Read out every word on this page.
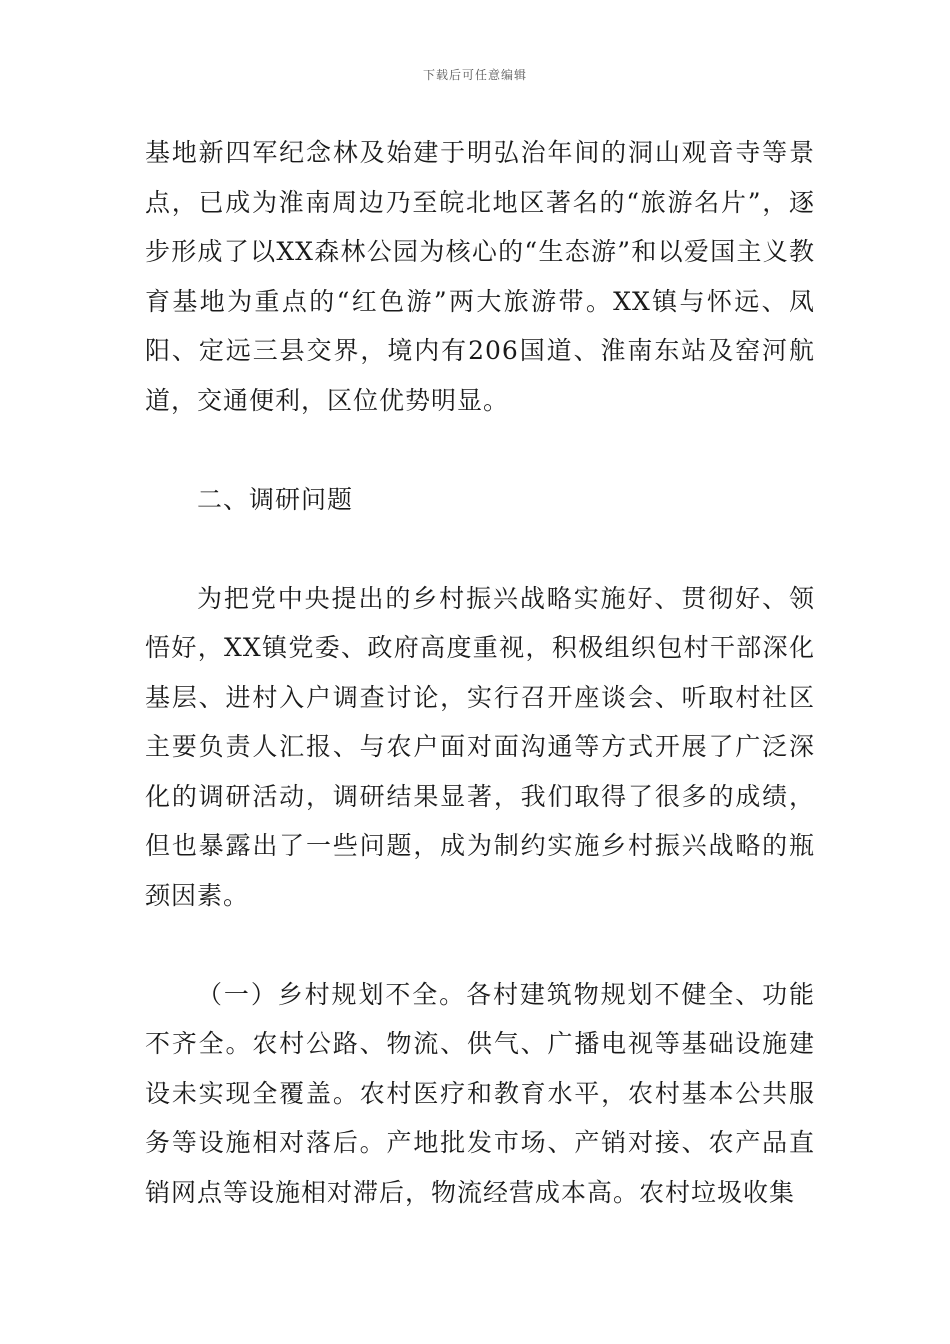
下载后可任意编辑

基地新四军纪念林及始建于明弘治年间的洞山观音寺等景点，已成为淮南周边乃至皖北地区著名的“旅游名片”，逐步形成了以XX森林公园为核心的“生态游”和以爱国主义教育基地为重点的“红色游”两大旅游带。XX镇与怀远、凤阳、定远三县交界，境内有206国道、淮南东站及窑河航道，交通便利，区位优势明显。

二、调研问题

为把党中央提出的乡村振兴战略实施好、贯彻好、领悟好，XX镇党委、政府高度重视，积极组织包村干部深化基层、进村入户调查讨论，实行召开座谈会、听取村社区主要负责人汇报、与农户面对面沟通等方式开展了广泛深化的调研活动，调研结果显著，我们取得了很多的成绩，但也暴露出了一些问题，成为制约实施乡村振兴战略的瓶颈因素。

（一）乡村规划不全。各村建筑物规划不健全、功能不齐全。农村公路、物流、供气、广播电视等基础设施建设未实现全覆盖。农村医疗和教育水平，农村基本公共服务等设施相对落后。产地批发市场、产销对接、农产品直销网点等设施相对滞后，物流经营成本高。农村垃圾收集
